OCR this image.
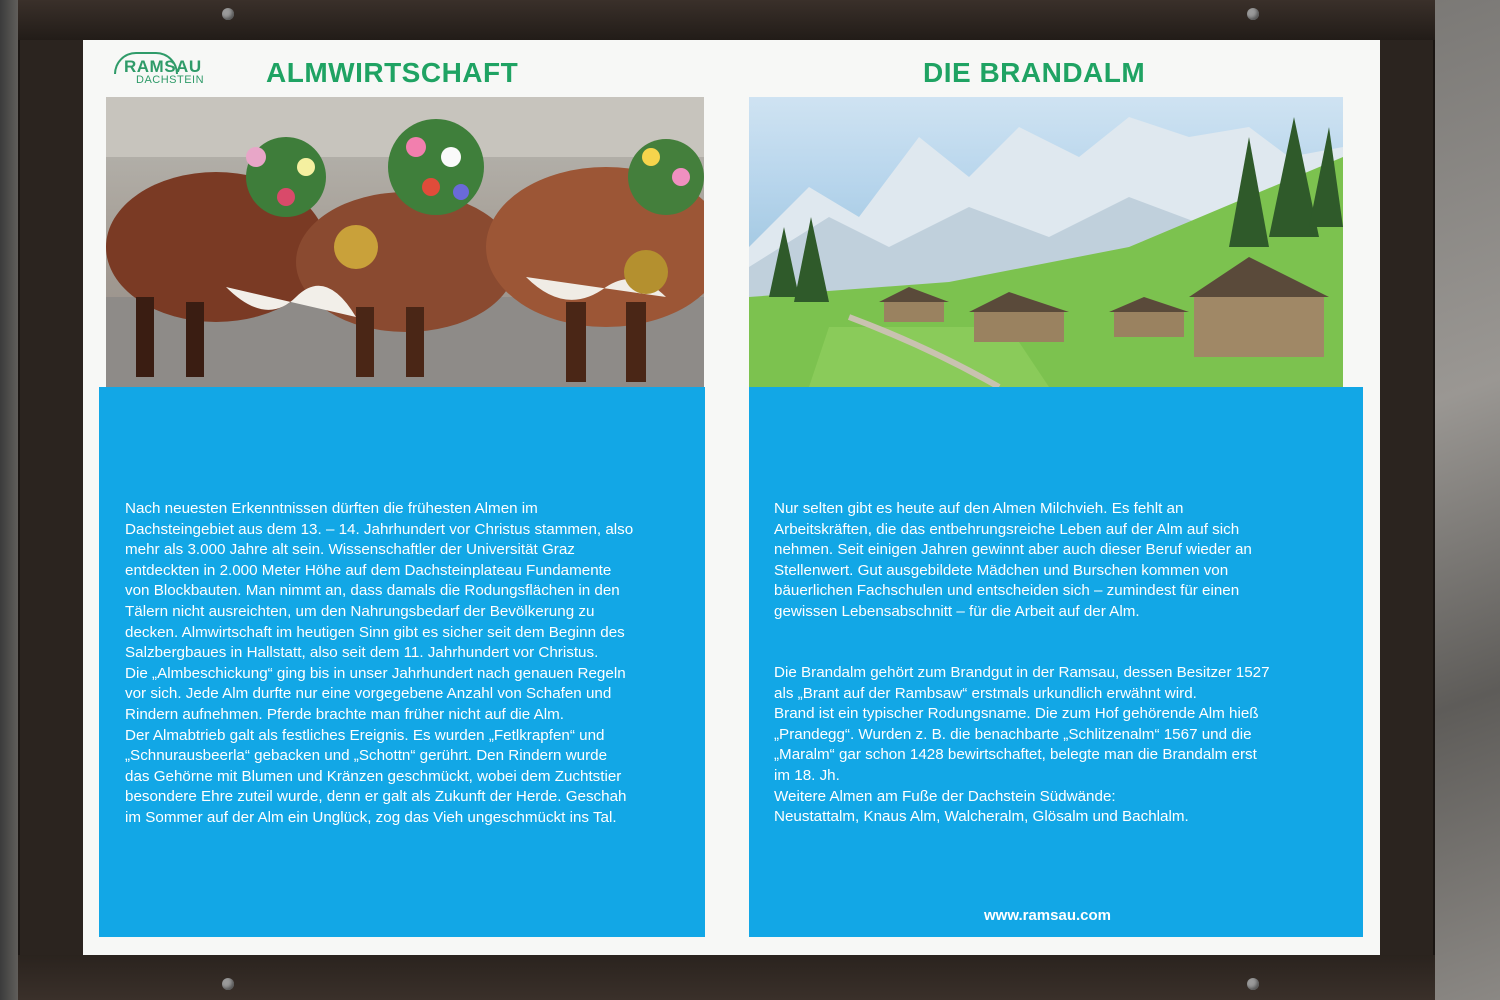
RAMSAU
DACHSTEIN ALMWIRTSCHAFT	DIE BRANDALM

Nach neuesten Erkenntnissen dürften die frühesten Almen im
Dachsteingebiet aus dem 13. – 14. Jahrhundert vor Christus stammen, also
mehr als 3.000 Jahre alt sein. Wissenschaftler der Universität Graz
entdeckten in 2.000 Meter Höhe auf dem Dachsteinplateau Fundamente
von Blockbauten. Man nimmt an, dass damals die Rodungsflächen in den
Tälern nicht ausreichten, um den Nahrungsbedarf der Bevölkerung zu
decken. Almwirtschaft im heutigen Sinn gibt es sicher seit dem Beginn des
Salzbergbaues in Hallstatt, also seit dem 11. Jahrhundert vor Christus.
Die „Almbeschickung“ ging bis in unser Jahrhundert nach genauen Regeln
vor sich. Jede Alm durfte nur eine vorgegebene Anzahl von Schafen und
Rindern aufnehmen. Pferde brachte man früher nicht auf die Alm.
Der Almabtrieb galt als festliches Ereignis. Es wurden „Fetlkrapfen“ und
„Schnurausbeerla“ gebacken und „Schottn“ gerührt. Den Rindern wurde
das Gehörne mit Blumen und Kränzen geschmückt, wobei dem Zuchtstier
besondere Ehre zuteil wurde, denn er galt als Zukunft der Herde. Geschah
im Sommer auf der Alm ein Unglück, zog das Vieh ungeschmückt ins Tal.

Nur selten gibt es heute auf den Almen Milchvieh. Es fehlt an
Arbeitskräften, die das entbehrungsreiche Leben auf der Alm auf sich
nehmen. Seit einigen Jahren gewinnt aber auch dieser Beruf wieder an
Stellenwert. Gut ausgebildete Mädchen und Burschen kommen von
bäuerlichen Fachschulen und entscheiden sich – zumindest für einen
gewissen Lebensabschnitt – für die Arbeit auf der Alm.

Die Brandalm gehört zum Brandgut in der Ramsau, dessen Besitzer 1527
als „Brant auf der Rambsaw“ erstmals urkundlich erwähnt wird.
Brand ist ein typischer Rodungsname. Die zum Hof gehörende Alm hieß
„Prandegg“. Wurden z. B. die benachbarte „Schlitzenalm“ 1567 und die
„Maralm“ gar schon 1428 bewirtschaftet, belegte man die Brandalm erst
im 18. Jh.
Weitere Almen am Fuße der Dachstein Südwände:
Neustattalm, Knaus Alm, Walcheralm, Glösalm und Bachlalm.

www.ramsau.com
